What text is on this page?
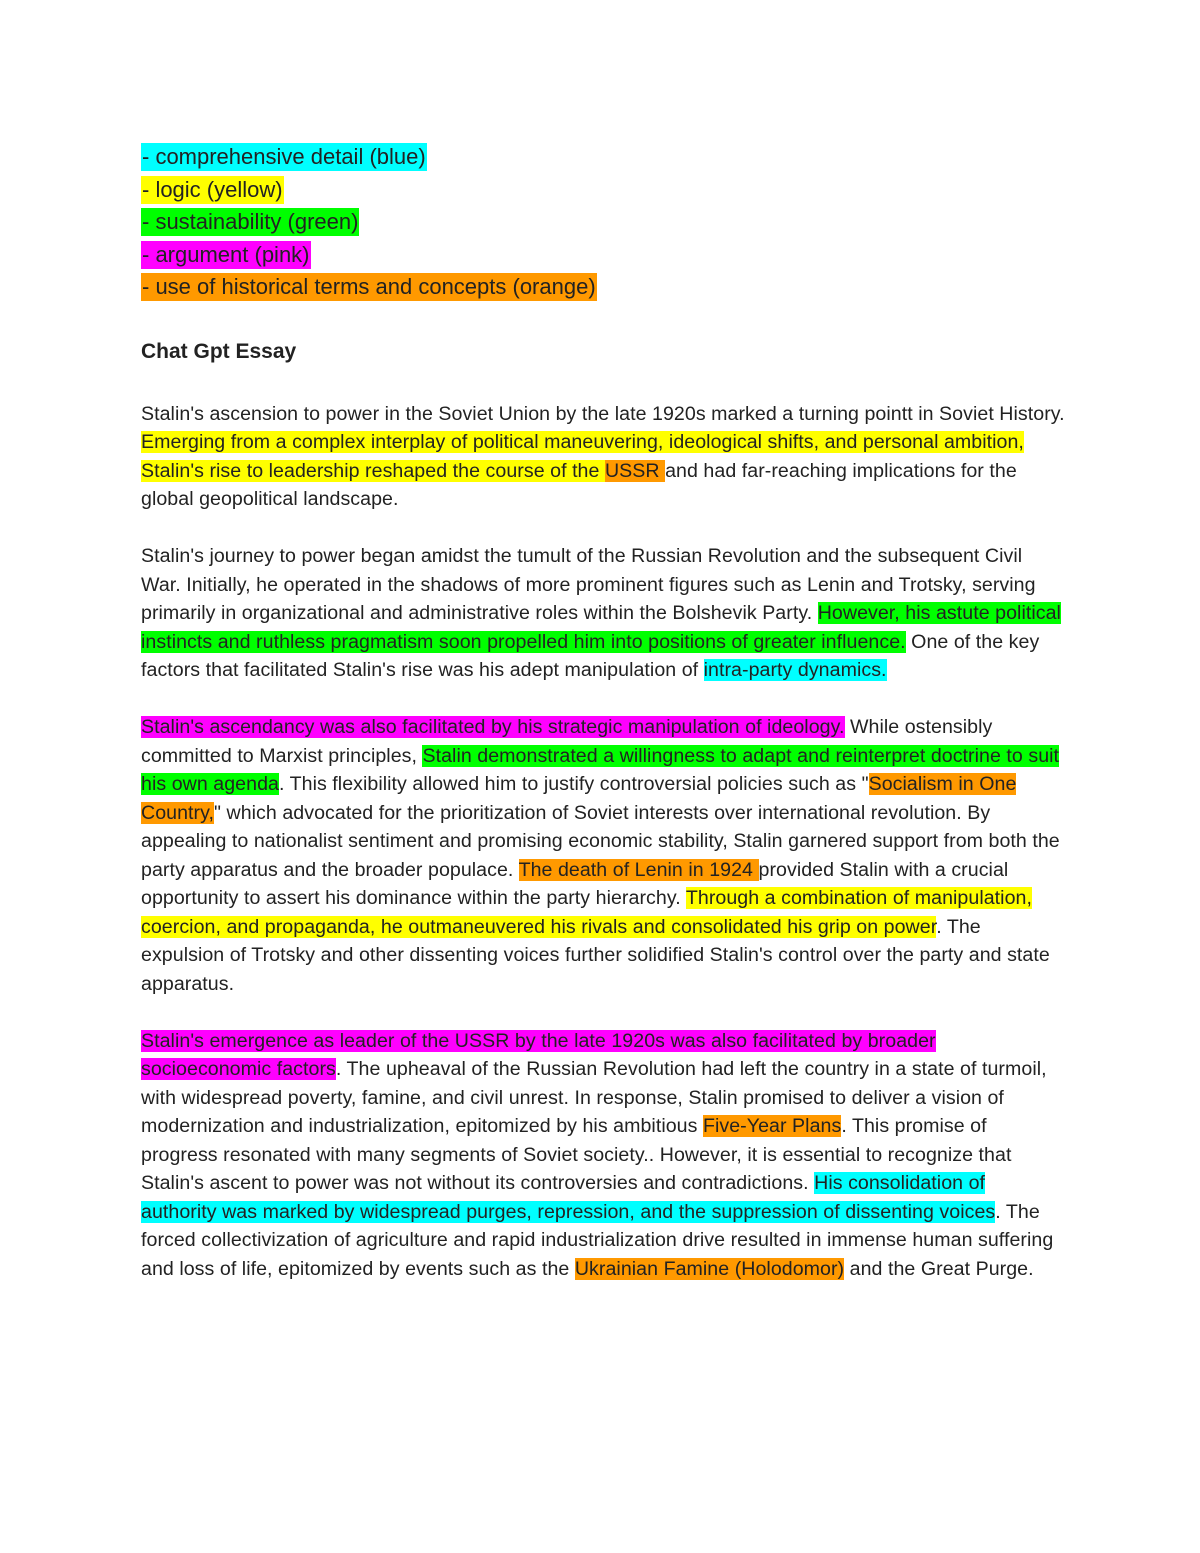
- comprehensive detail (blue)
- logic (yellow)
- sustainability (green)
- argument (pink)
- use of historical terms and concepts (orange)
Chat Gpt Essay

Stalin's ascension to power in the Soviet Union by the late 1920s marked a turning pointt in Soviet History. Emerging from a complex interplay of political maneuvering, ideological shifts, and personal ambition, Stalin's rise to leadership reshaped the course of the USSR and had far-reaching implications for the global geopolitical landscape.

Stalin's journey to power began amidst the tumult of the Russian Revolution and the subsequent Civil War. Initially, he operated in the shadows of more prominent figures such as Lenin and Trotsky, serving primarily in organizational and administrative roles within the Bolshevik Party. However, his astute political instincts and ruthless pragmatism soon propelled him into positions of greater influence. One of the key factors that facilitated Stalin's rise was his adept manipulation of intra-party dynamics.

Stalin's ascendancy was also facilitated by his strategic manipulation of ideology. While ostensibly committed to Marxist principles, Stalin demonstrated a willingness to adapt and reinterpret doctrine to suit his own agenda. This flexibility allowed him to justify controversial policies such as "Socialism in One Country," which advocated for the prioritization of Soviet interests over international revolution. By appealing to nationalist sentiment and promising economic stability, Stalin garnered support from both the party apparatus and the broader populace. The death of Lenin in 1924 provided Stalin with a crucial opportunity to assert his dominance within the party hierarchy. Through a combination of manipulation, coercion, and propaganda, he outmaneuvered his rivals and consolidated his grip on power. The expulsion of Trotsky and other dissenting voices further solidified Stalin's control over the party and state apparatus.

Stalin's emergence as leader of the USSR by the late 1920s was also facilitated by broader socioeconomic factors. The upheaval of the Russian Revolution had left the country in a state of turmoil, with widespread poverty, famine, and civil unrest. In response, Stalin promised to deliver a vision of modernization and industrialization, epitomized by his ambitious Five-Year Plans. This promise of progress resonated with many segments of Soviet society.. However, it is essential to recognize that Stalin's ascent to power was not without its controversies and contradictions. His consolidation of authority was marked by widespread purges, repression, and the suppression of dissenting voices. The forced collectivization of agriculture and rapid industrialization drive resulted in immense human suffering and loss of life, epitomized by events such as the Ukrainian Famine (Holodomor) and the Great Purge.
